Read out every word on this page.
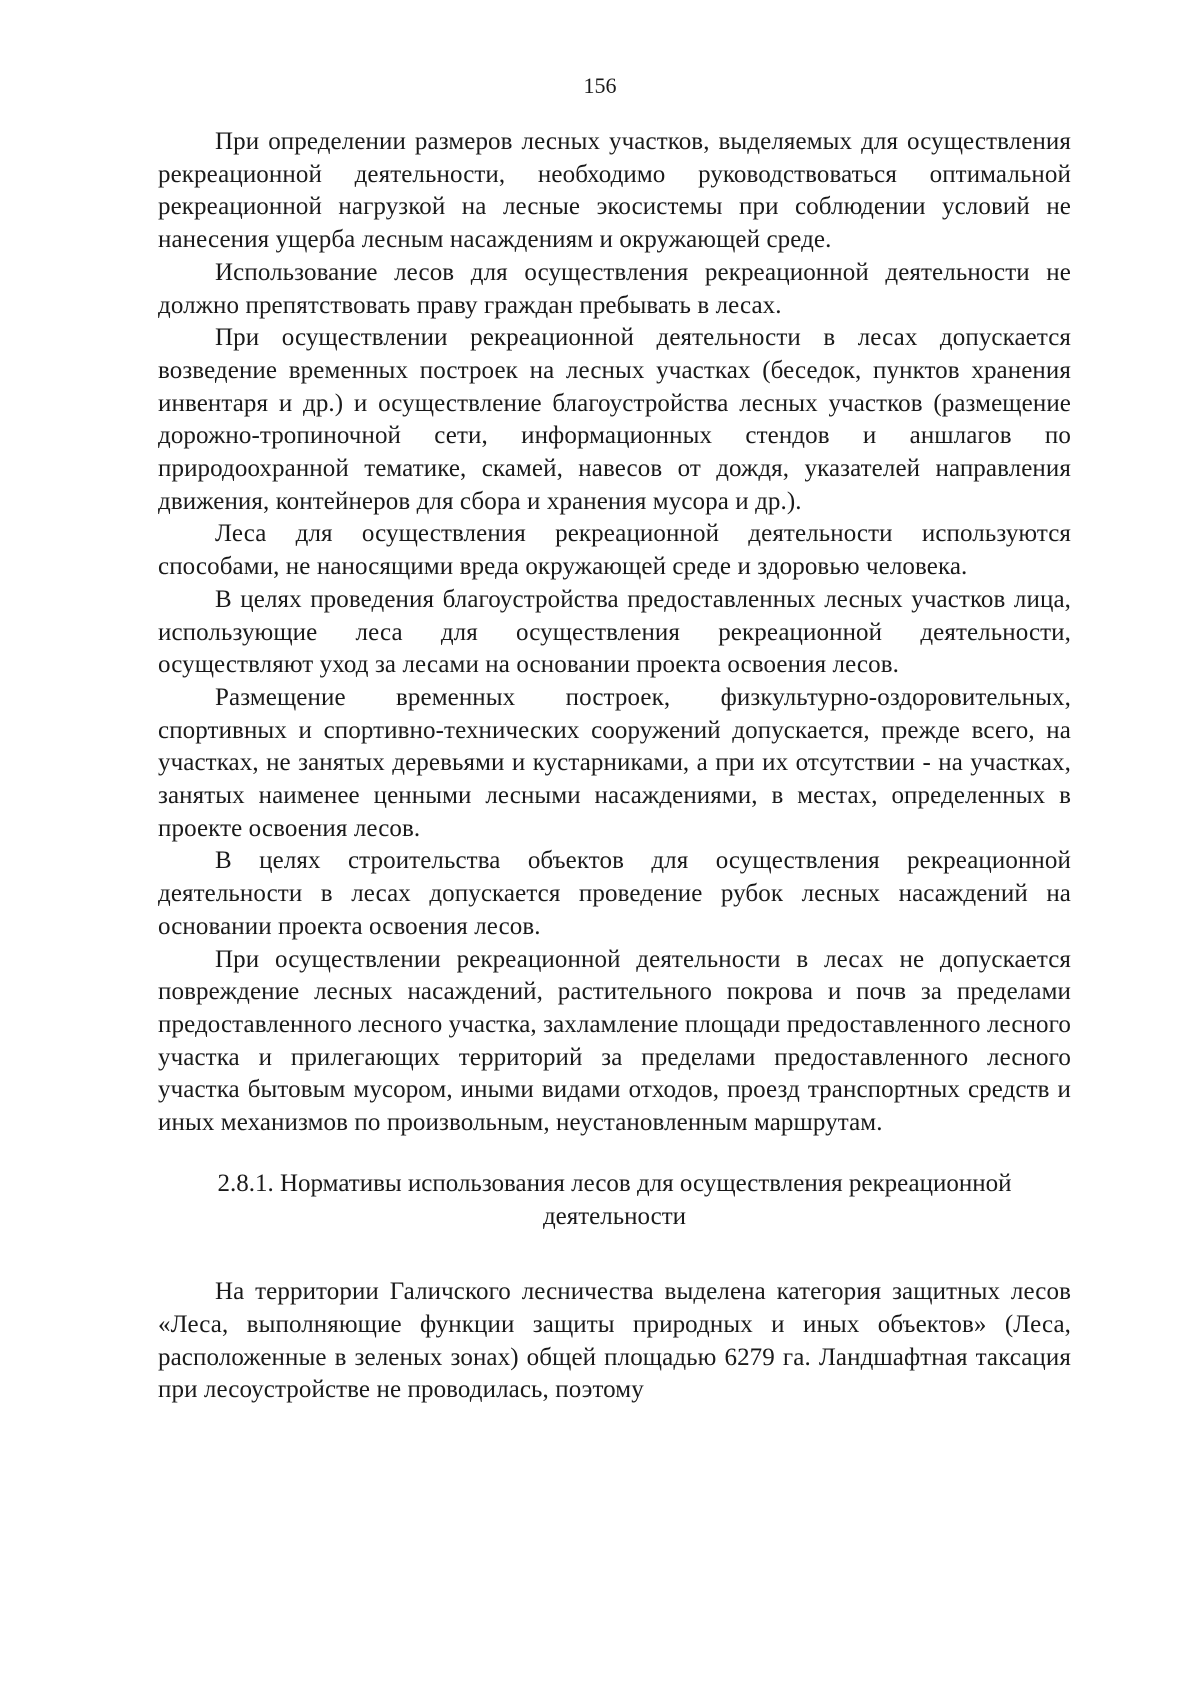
156

При определении размеров лесных участков, выделяемых для осуществления рекреационной деятельности, необходимо руководствоваться оптимальной рекреационной нагрузкой на лесные экосистемы при соблюдении условий не нанесения ущерба лесным насаждениям и окружающей среде.

Использование лесов для осуществления рекреационной деятельности не должно препятствовать праву граждан пребывать в лесах.

При осуществлении рекреационной деятельности в лесах допускается возведение временных построек на лесных участках (беседок, пунктов хранения инвентаря и др.) и осуществление благоустройства лесных участков (размещение дорожно-тропиночной сети, информационных стендов и аншлагов по природоохранной тематике, скамей, навесов от дождя, указателей направления движения, контейнеров для сбора и хранения мусора и др.).

Леса для осуществления рекреационной деятельности используются способами, не наносящими вреда окружающей среде и здоровью человека.

В целях проведения благоустройства предоставленных лесных участков лица, использующие леса для осуществления рекреационной деятельности, осуществляют уход за лесами на основании проекта освоения лесов.

Размещение временных построек, физкультурно-оздоровительных, спортивных и спортивно-технических сооружений допускается, прежде всего, на участках, не занятых деревьями и кустарниками, а при их отсутствии - на участках, занятых наименее ценными лесными насаждениями, в местах, определенных в проекте освоения лесов.

В целях строительства объектов для осуществления рекреационной деятельности в лесах допускается проведение рубок лесных насаждений на основании проекта освоения лесов.

При осуществлении рекреационной деятельности в лесах не допускается повреждение лесных насаждений, растительного покрова и почв за пределами предоставленного лесного участка, захламление площади предоставленного лесного участка и прилегающих территорий за пределами предоставленного лесного участка бытовым мусором, иными видами отходов, проезд транспортных средств и иных механизмов по произвольным, неустановленным маршрутам.

2.8.1. Нормативы использования лесов для осуществления рекреационной
деятельности

На территории Галичского лесничества выделена категория защитных лесов «Леса, выполняющие функции защиты природных и иных объектов» (Леса, расположенные в зеленых зонах) общей площадью 6279 га. Ландшафтная таксация при лесоустройстве не проводилась, поэтому
